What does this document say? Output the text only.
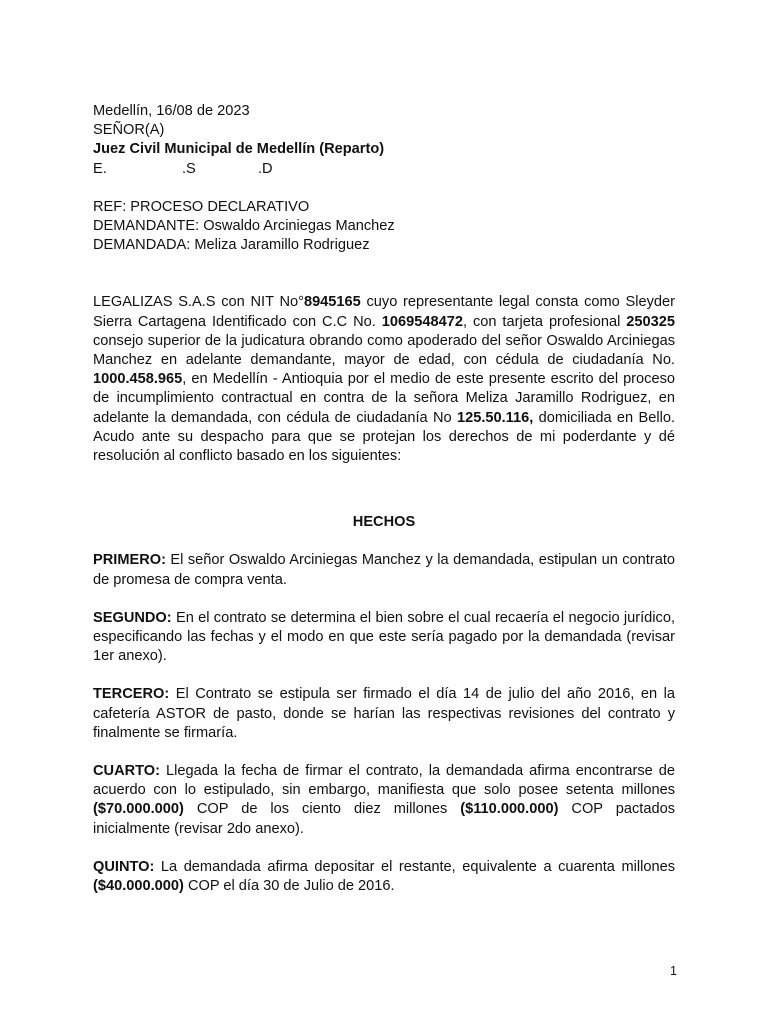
Medellín, 16/08 de 2023
SEÑOR(A)
Juez Civil Municipal de Medellín (Reparto)
E.	.S	.D
REF: PROCESO DECLARATIVO
DEMANDANTE: Oswaldo Arciniegas Manchez
DEMANDADA: Meliza Jaramillo Rodriguez

LEGALIZAS S.A.S con NIT No°8945165 cuyo representante legal consta como Sleyder Sierra Cartagena Identificado con C.C No. 1069548472, con tarjeta profesional 250325 consejo superior de la judicatura obrando como apoderado del señor Oswaldo Arciniegas Manchez en adelante demandante, mayor de edad, con cédula de ciudadanía No. 1000.458.965, en Medellín - Antioquia por el medio de este presente escrito del proceso de incumplimiento contractual en contra de la señora Meliza Jaramillo Rodriguez, en adelante la demandada, con cédula de ciudadanía No 125.50.116, domiciliada en Bello. Acudo ante su despacho para que se protejan los derechos de mi poderdante y dé resolución al conflicto basado en los siguientes:

HECHOS

PRIMERO: El señor Oswaldo Arciniegas Manchez y la demandada, estipulan un contrato de promesa de compra venta.

SEGUNDO: En el contrato se determina el bien sobre el cual recaería el negocio jurídico, especificando las fechas y el modo en que este sería pagado por la demandada (revisar 1er anexo).

TERCERO: El Contrato se estipula ser firmado el día 14 de julio del año 2016, en la cafetería ASTOR de pasto, donde se harían las respectivas revisiones del contrato y finalmente se firmaría.

CUARTO: Llegada la fecha de firmar el contrato, la demandada afirma encontrarse de acuerdo con lo estipulado, sin embargo, manifiesta que solo posee setenta millones ($70.000.000) COP de los ciento diez millones ($110.000.000) COP pactados inicialmente (revisar 2do anexo).

QUINTO: La demandada afirma depositar el restante, equivalente a cuarenta millones ($40.000.000) COP el día 30 de Julio de 2016.

1
